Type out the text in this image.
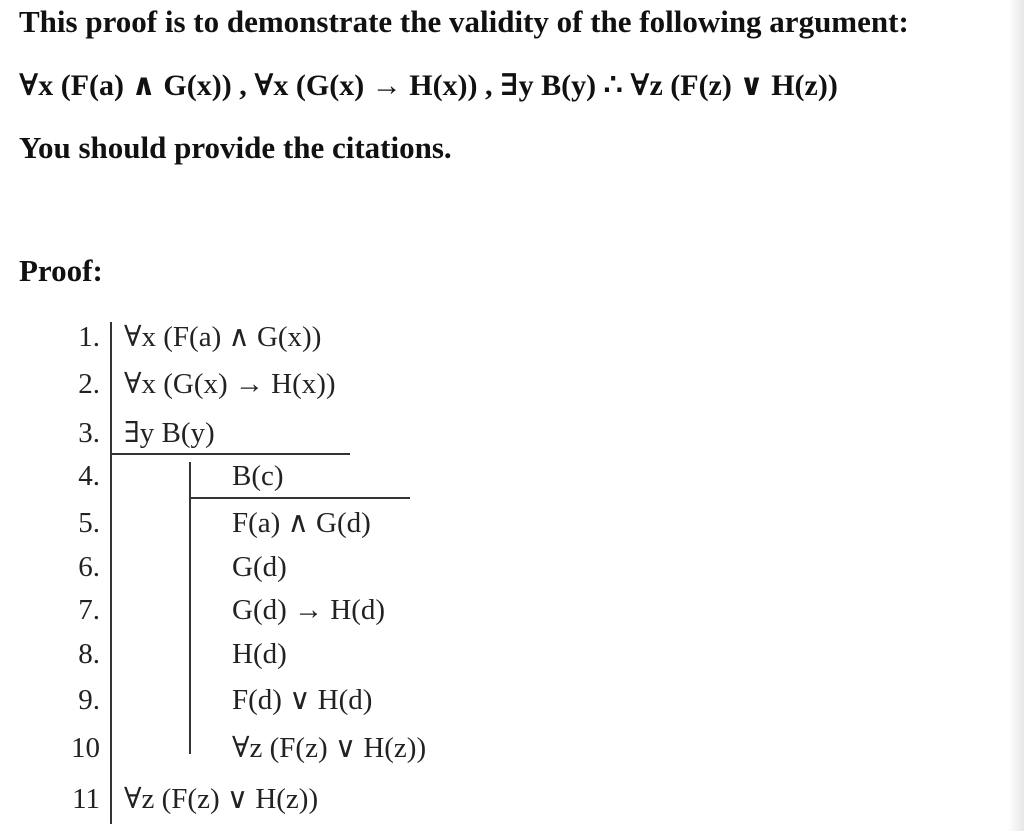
This proof is to demonstrate the validity of the following argument:

∀x (F(a) ∧ G(x)) , ∀x (G(x) → H(x)) , ∃y B(y) ∴ ∀z (F(z) ∨ H(z))

You should provide the citations.

Proof:

1.
2.
3.
4.
5.
6.
7.
8.
9.
10
11
∀x (F(a) ∧ G(x))
∀x (G(x) → H(x))
∃y B(y)
B(c)
F(a) ∧ G(d)
G(d)
G(d) → H(d)
H(d)
F(d) ∨ H(d)
∀z (F(z) ∨ H(z))
∀z (F(z) ∨ H(z))
